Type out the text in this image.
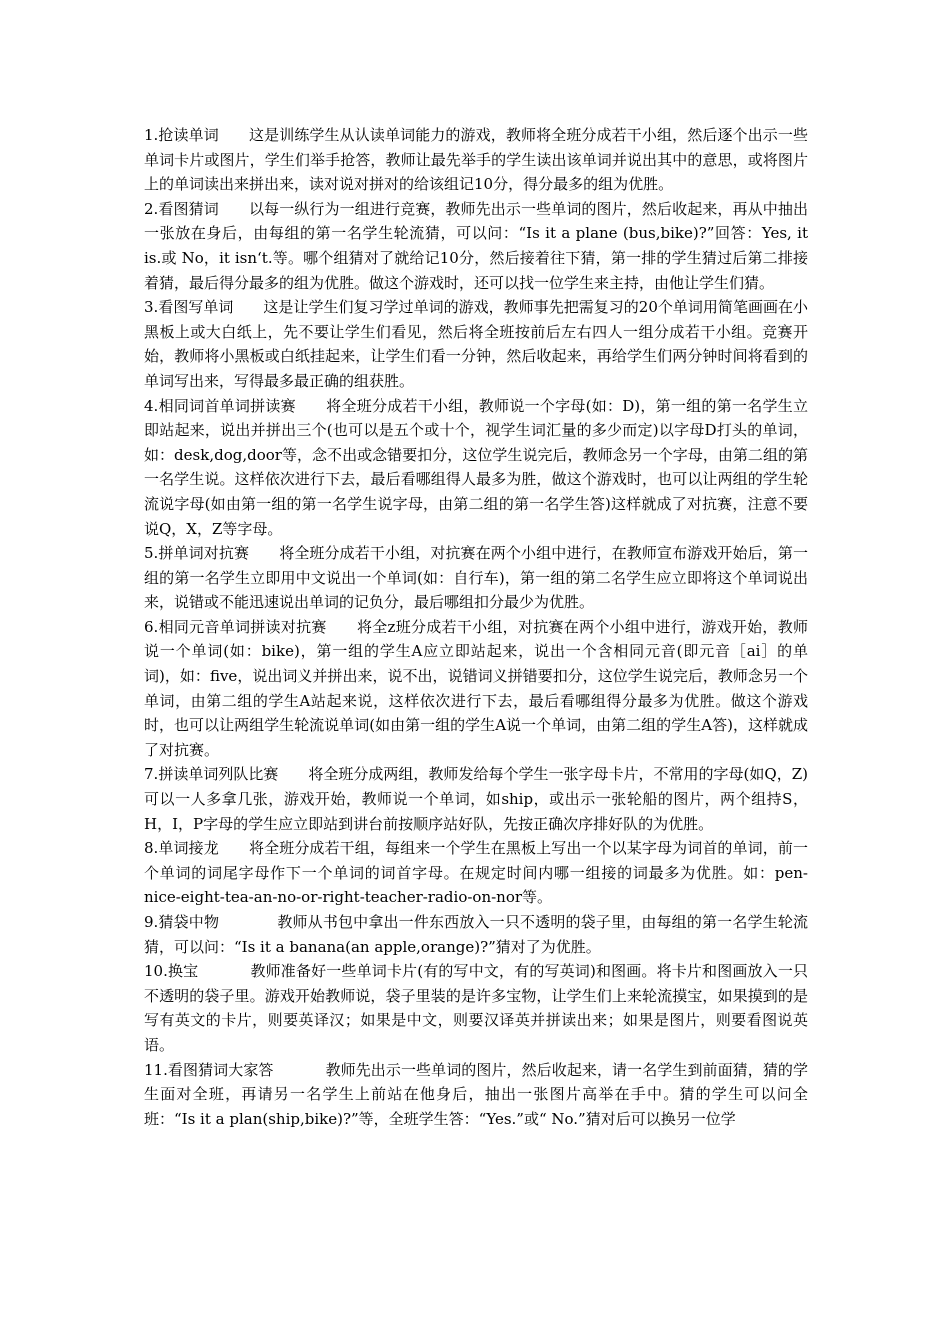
1.抢读单词 这是训练学生从认读单词能力的游戏，教师将全班分成若干小组，然后逐个出示一些单词卡片或图片，学生们举手抢答，教师让最先举手的学生读出该单词并说出其中的意思，或将图片上的单词读出来拼出来，读对说对拼对的给该组记10分，得分最多的组为优胜。

2.看图猜词 以每一纵行为一组进行竞赛，教师先出示一些单词的图片，然后收起来，再从中抽出一张放在身后，由每组的第一名学生轮流猜，可以问：“Is it a plane (bus,bike)?”回答：Yes, it is.或 No，it isn‘t.等。哪个组猜对了就给记10分，然后接着往下猜，第一排的学生猜过后第二排接着猜，最后得分最多的组为优胜。做这个游戏时，还可以找一位学生来主持，由他让学生们猜。

3.看图写单词 这是让学生们复习学过单词的游戏，教师事先把需复习的20个单词用简笔画画在小黑板上或大白纸上，先不要让学生们看见，然后将全班按前后左右四人一组分成若干小组。竞赛开始，教师将小黑板或白纸挂起来，让学生们看一分钟，然后收起来，再给学生们两分钟时间将看到的单词写出来，写得最多最正确的组获胜。

4.相同词首单词拼读赛 将全班分成若干小组，教师说一个字母(如：D)，第一组的第一名学生立即站起来，说出并拼出三个(也可以是五个或十个，视学生词汇量的多少而定)以字母D打头的单词，如：desk,dog,door等，念不出或念错要扣分，这位学生说完后，教师念另一个字母，由第二组的第一名学生说。这样依次进行下去，最后看哪组得人最多为胜，做这个游戏时，也可以让两组的学生轮流说字母(如由第一组的第一名学生说字母，由第二组的第一名学生答)这样就成了对抗赛，注意不要说Q，X，Z等字母。

5.拼单词对抗赛 将全班分成若干小组，对抗赛在两个小组中进行，在教师宣布游戏开始后，第一组的第一名学生立即用中文说出一个单词(如：自行车)，第一组的第二名学生应立即将这个单词说出来，说错或不能迅速说出单词的记负分，最后哪组扣分最少为优胜。

6.相同元音单词拼读对抗赛 将全z班分成若干小组，对抗赛在两个小组中进行，游戏开始，教师说一个单词(如：bike)，第一组的学生A应立即站起来，说出一个含相同元音(即元音［ai］的单词)，如：five，说出词义并拼出来，说不出，说错词义拼错要扣分，这位学生说完后，教师念另一个单词，由第二组的学生A站起来说，这样依次进行下去，最后看哪组得分最多为优胜。做这个游戏时，也可以让两组学生轮流说单词(如由第一组的学生A说一个单词，由第二组的学生A答)，这样就成了对抗赛。

7.拼读单词列队比赛 将全班分成两组，教师发给每个学生一张字母卡片，不常用的字母(如Q，Z)可以一人多拿几张，游戏开始，教师说一个单词，如ship，或出示一张轮船的图片，两个组持S，H，I，P字母的学生应立即站到讲台前按顺序站好队，先按正确次序排好队的为优胜。

8.单词接龙 将全班分成若干组，每组来一个学生在黑板上写出一个以某字母为词首的单词，前一个单词的词尾字母作下一个单词的词首字母。在规定时间内哪一组接的词最多为优胜。如：pen-nice-eight-tea-an-no-or-right-teacher-radio-on-nor等。

9.猜袋中物	教师从书包中拿出一件东西放入一只不透明的袋子里，由每组的第一名学生轮流猜，可以问：“Is it a banana(an apple,orange)?”猜对了为优胜。

10.换宝	教师准备好一些单词卡片(有的写中文，有的写英词)和图画。将卡片和图画放入一只不透明的袋子里。游戏开始教师说，袋子里装的是许多宝物，让学生们上来轮流摸宝，如果摸到的是写有英文的卡片，则要英译汉；如果是中文，则要汉译英并拼读出来；如果是图片，则要看图说英语。

11.看图猜词大家答	教师先出示一些单词的图片，然后收起来，请一名学生到前面猜，猜的学生面对全班，再请另一名学生上前站在他身后，抽出一张图片高举在手中。猜的学生可以问全班：“Is it a plan(ship,bike)?”等，全班学生答：“Yes.”或“ No.”猜对后可以换另一位学
